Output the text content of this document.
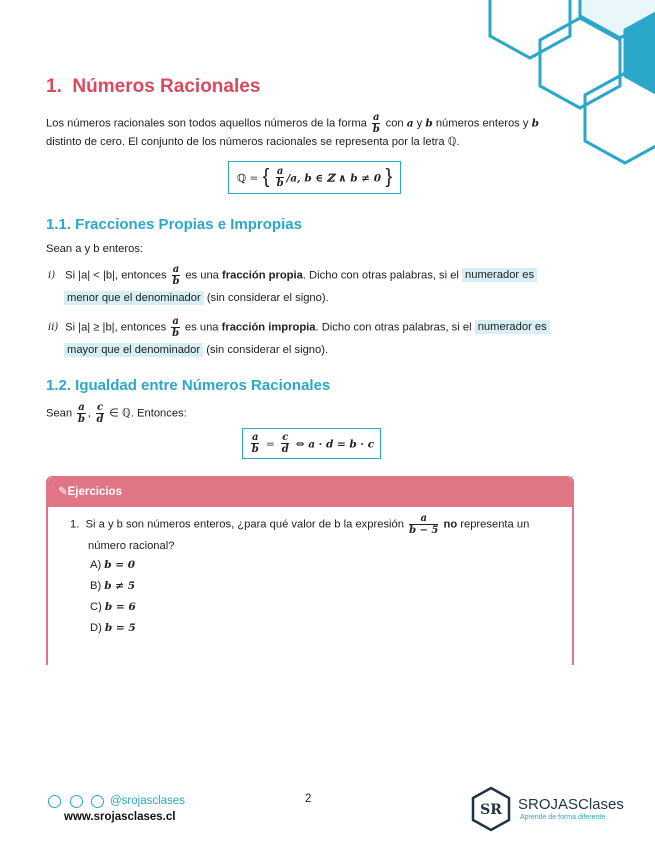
1. Números Racionales
Los números racionales son todos aquellos números de la forma $\frac{a}{b}$ con a y b números enteros y b
distinto de cero. El conjunto de los números racionales se representa por la letra ℚ.
ℚ = { $\frac{a}{b} /a$, b ∈ ℤ ∧ b ≠ 0 }
1.1. Fracciones Propias e Impropias
Sean a y b enteros:
i) Si |a| < |b|, entonces $\frac{a}{b}$ es una fracción propia. Dicho con otras palabras, si el numerador es
menor que el denominador (sin considerar el signo).
ii) Si |a| ≥ |b|, entonces $\frac{a}{b}$ es una fracción impropia. Dicho con otras palabras, si el numerador es
mayor que el denominador (sin considerar el signo).
1.2. Igualdad entre Números Racionales
Sean $\frac{a}{b}$ , $\frac{c}{d}$ ∈ ℚ. Entonces:
$\frac{a}{b} = \frac{c}{d}$ ⇔ a · d = b · c
✎Ejercicios
1. Si a y b son números enteros, ¿para qué valor de b la expresión $\frac{a}{b - 5}$ no representa un
número racional?
A) b = 0
B) b ≠ 5
C) b = 6
D) b = 5
@srojasclases
www.srojasclases.cl
2
SR SROJASClases
Aprende de forma diferente
